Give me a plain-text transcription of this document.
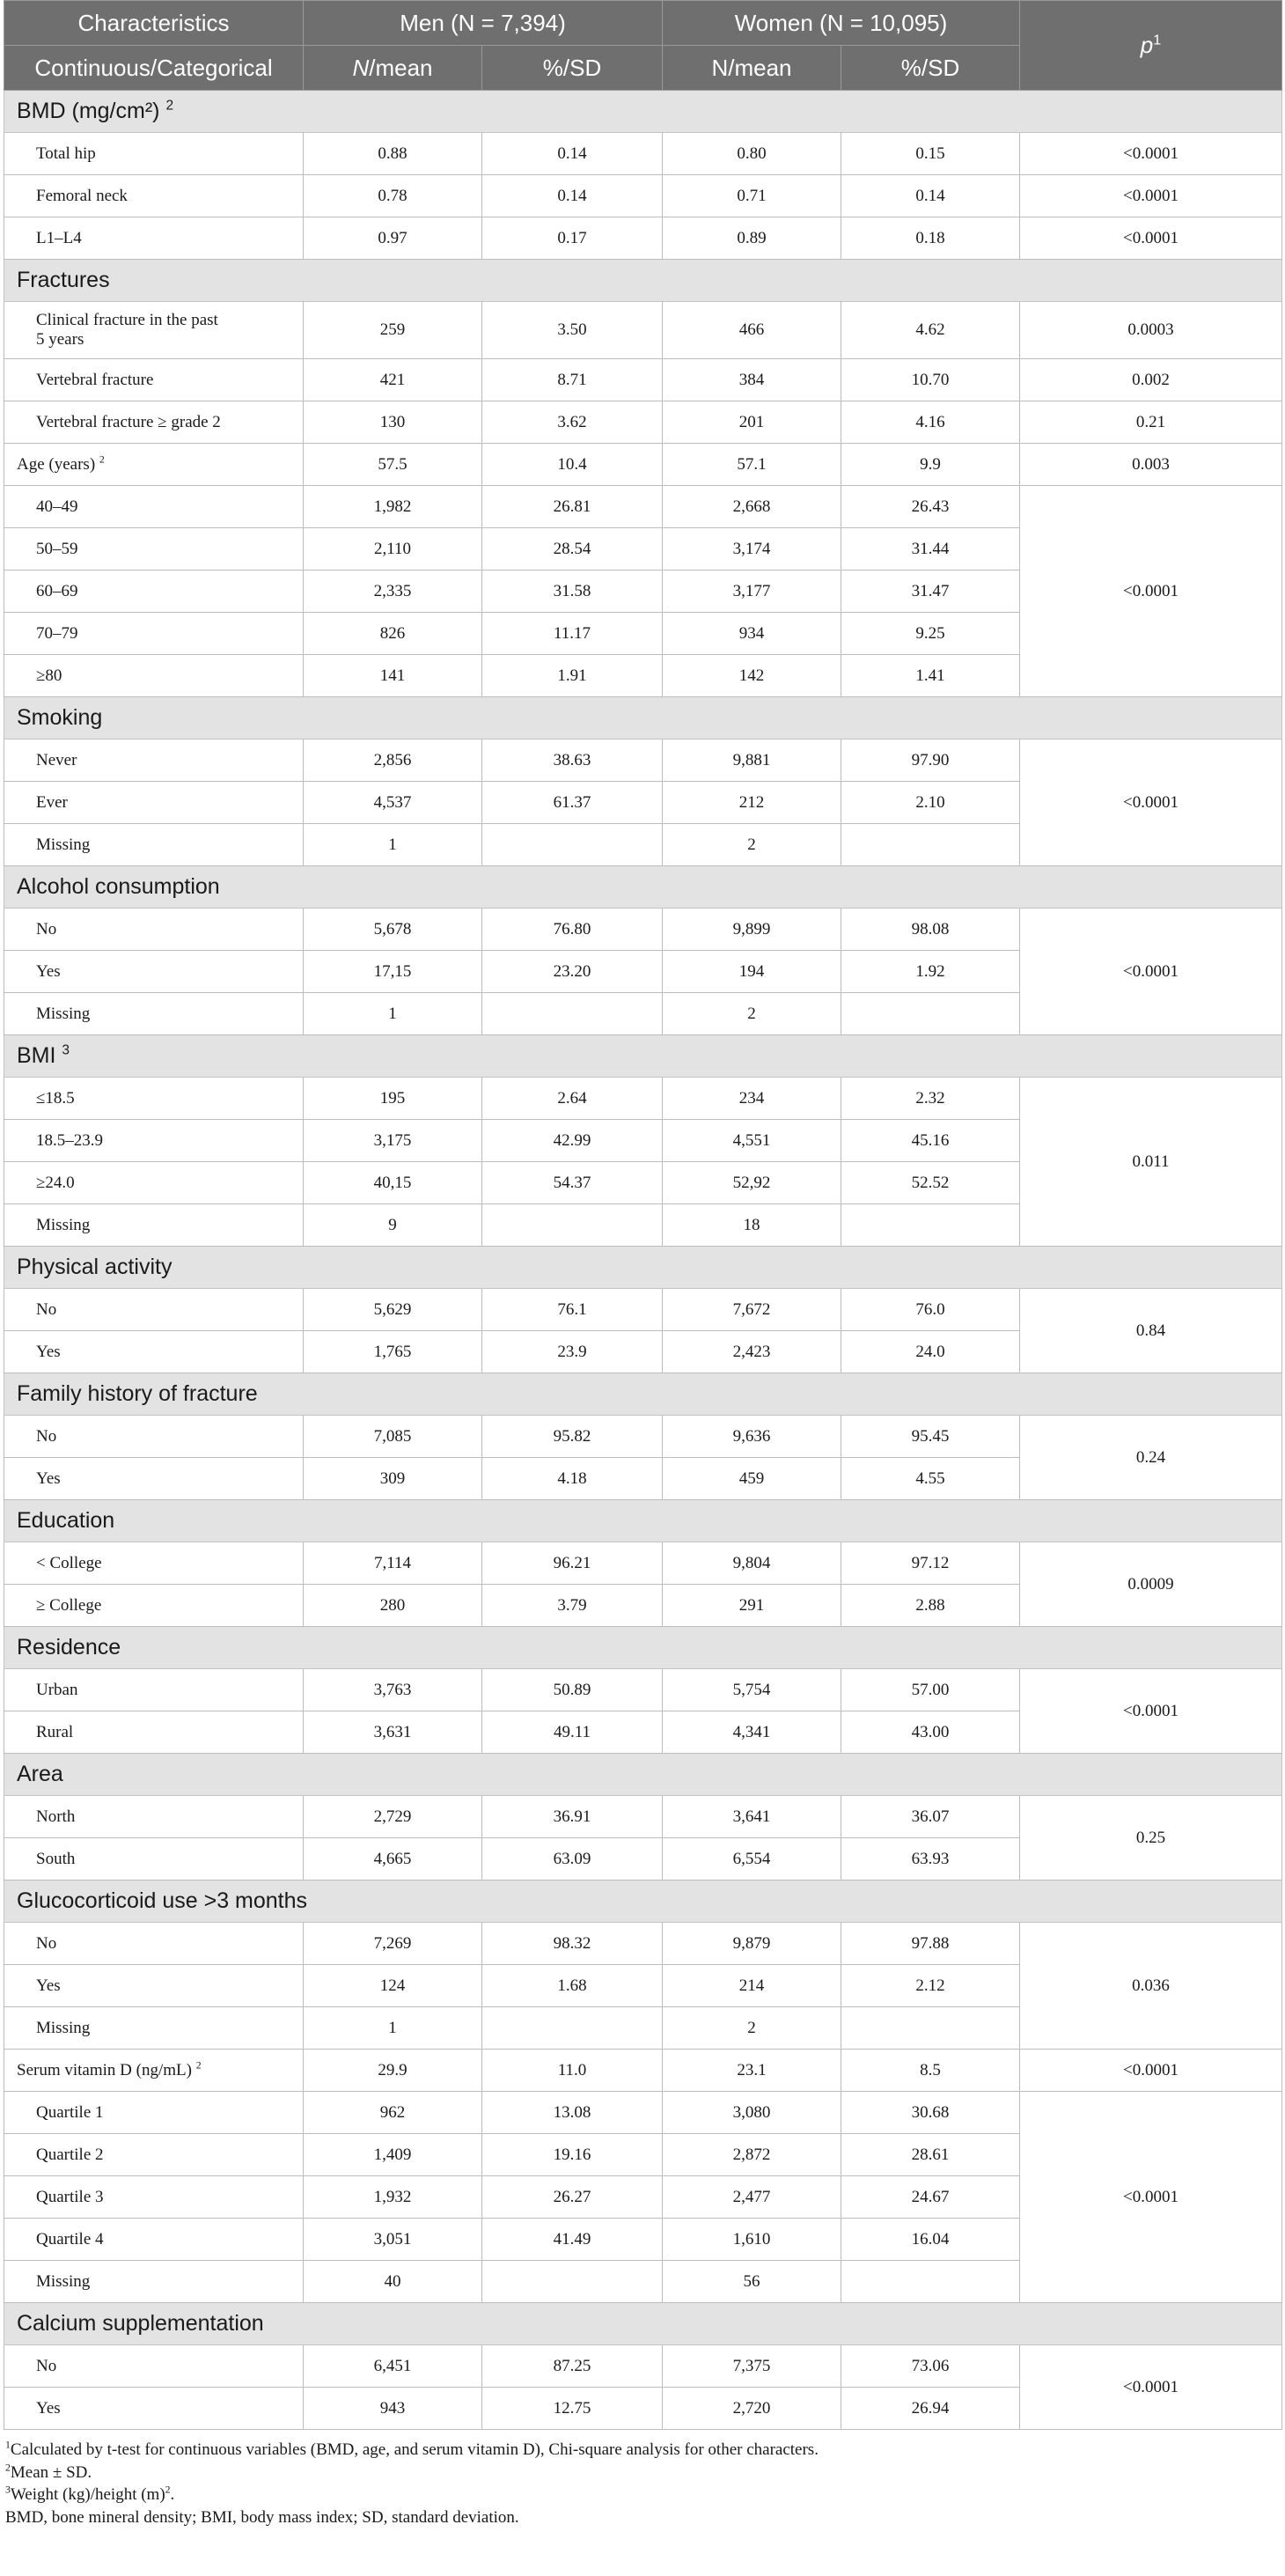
Characteristics	Men (N = 7,394)		Women (N = 10,095)		$p^1$
Continuous/Categorical	N/mean	%/SD	N/mean	%/SD	
BMD (mg/cm²) $^2$
Total hip	0.88	0.14	0.80	0.15	<0.0001
Femoral neck	0.78	0.14	0.71	0.14	<0.0001
L1–L4	0.97	0.17	0.89	0.18	<0.0001
Fractures					
Clinical fracture in the past
5 years	259	3.50	466	4.62	0.0003
Vertebral fracture	421	8.71	384	10.70	0.002
Vertebral fracture ≥ grade 2	130	3.62	201	4.16	0.21
Age (years) $^2$	57.5	10.4	57.1	9.9	0.003
40–49	1,982	26.81	2,668	26.43	<0.0001
50–59	2,110	28.54	3,174	31.44	
60–69	2,335	31.58	3,177	31.47	
70–79	826	11.17	934	9.25	
≥80	141	1.91	142	1.41	
Smoking					
Never	2,856	38.63	9,881	97.90	<0.0001
Ever	4,537	61.37	212	2.10	
Missing	1		2		
Alcohol consumption					
No	5,678	76.80	9,899	98.08	<0.0001
Yes	17,15	23.20	194	1.92	
Missing	1		2		
BMI $^3$
≤18.5	195	2.64	234	2.32	0.011
18.5–23.9	3,175	42.99	4,551	45.16	
≥24.0	40,15	54.37	52,92	52.52	
Missing	9		18		
Physical activity					
No	5,629	76.1	7,672	76.0	0.84
Yes	1,765	23.9	2,423	24.0	
Family history of fracture					
No	7,085	95.82	9,636	95.45	0.24
Yes	309	4.18	459	4.55	
Education					
< College	7,114	96.21	9,804	97.12	0.0009
≥ College	280	3.79	291	2.88	
Residence					
Urban	3,763	50.89	5,754	57.00	<0.0001
Rural	3,631	49.11	4,341	43.00	
Area					
North	2,729	36.91	3,641	36.07	0.25
South	4,665	63.09	6,554	63.93	
Glucocorticoid use >3 months					
No	7,269	98.32	9,879	97.88	0.036
Yes	124	1.68	214	2.12	
Missing	1		2		
Serum vitamin D (ng/mL) $^2$	29.9	11.0	23.1	8.5	<0.0001
Quartile 1	962	13.08	3,080	30.68	<0.0001
Quartile 2	1,409	19.16	2,872	28.61	
Quartile 3	1,932	26.27	2,477	24.67	
Quartile 4	3,051	41.49	1,610	16.04	
Missing	40		56		
Calcium supplementation					
No	6,451	87.25	7,375	73.06	<0.0001
Yes	943	12.75	2,720	26.94	
$^1$Calculated by t-test for continuous variables (BMD, age, and serum vitamin D), Chi-square analysis for other characters.
$^2$Mean ± SD.
$^3$Weight (kg)/height $(m)^2$.
BMD, bone mineral density; BMI, body mass index; SD, standard deviation.
